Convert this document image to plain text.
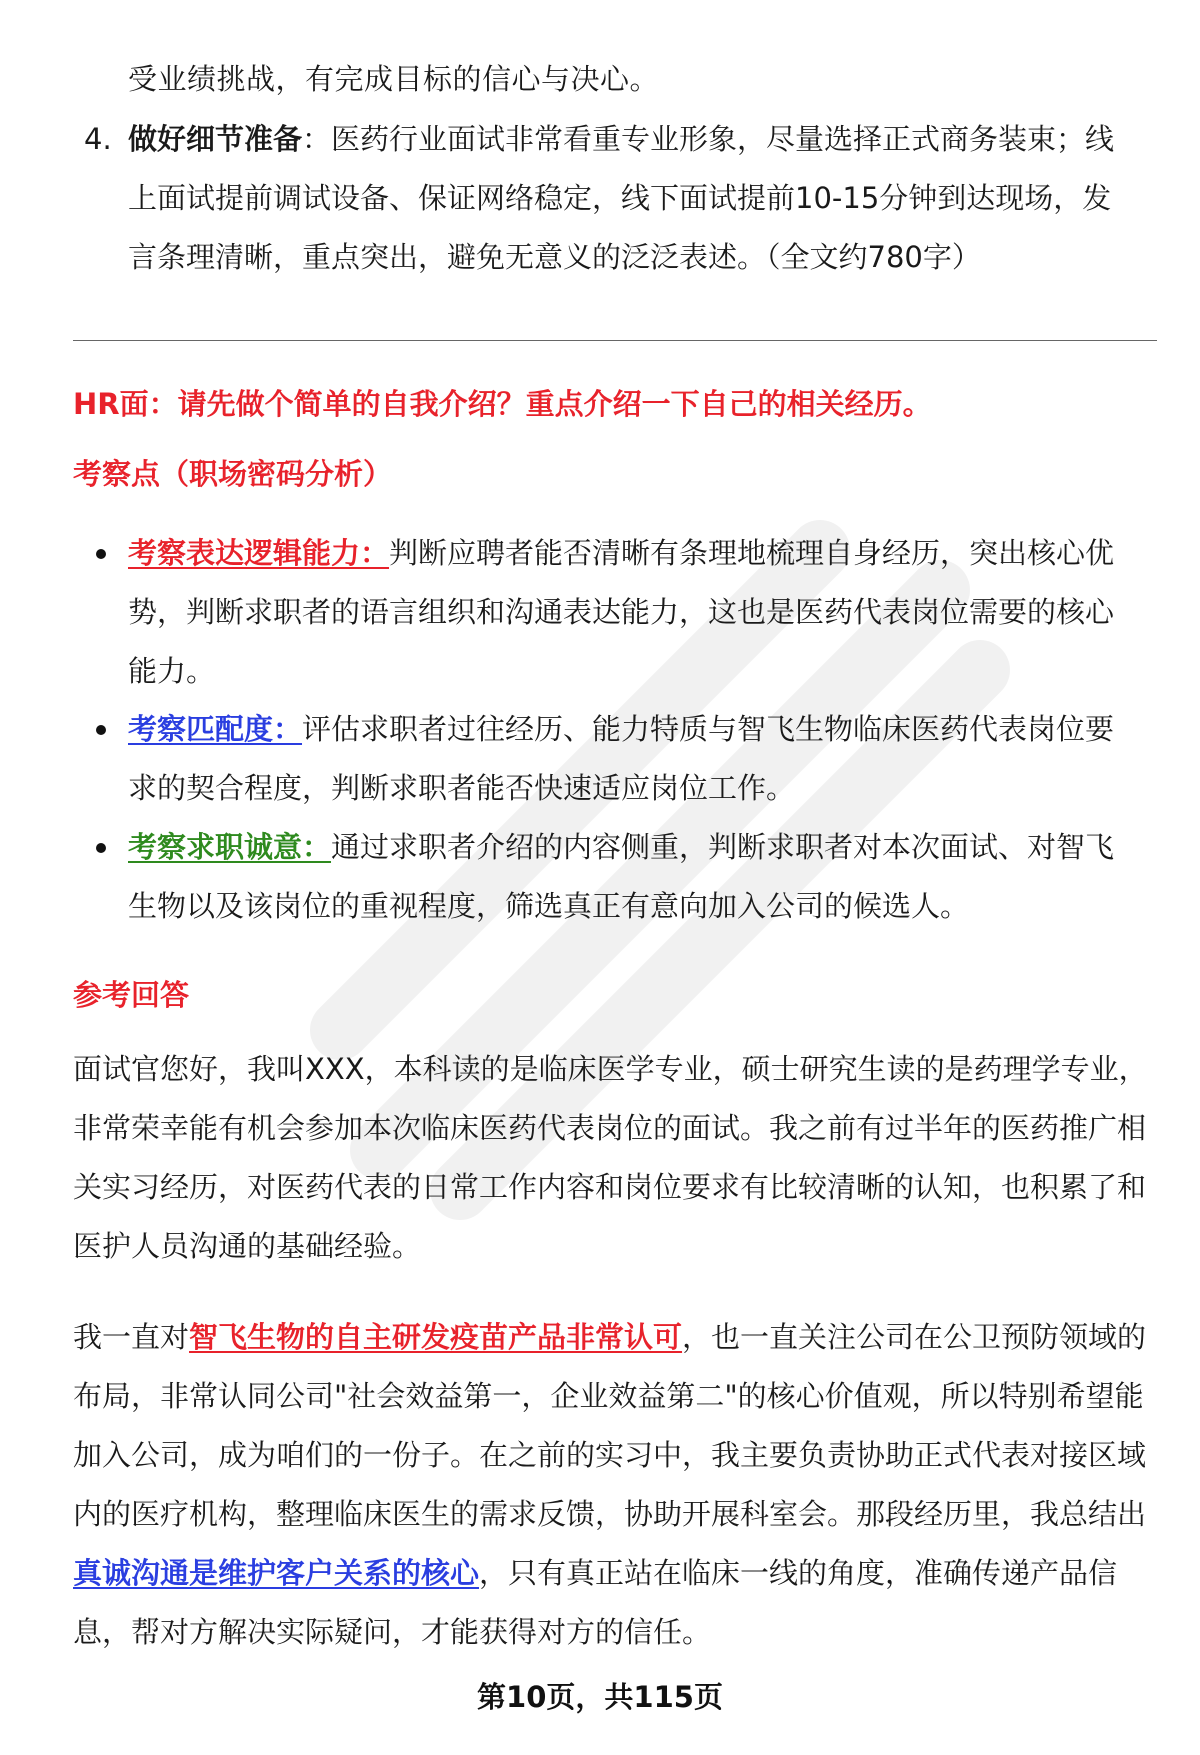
受业绩挑战，有完成目标的信心与决心。
4. 做好细节准备：医药行业面试非常看重专业形象，尽量选择正式商务装束；线上面试提前调试设备、保证网络稳定，线下面试提前10-15分钟到达现场，发言条理清晰，重点突出，避免无意义的泛泛表述。（全文约780字）
HR面：请先做个简单的自我介绍？重点介绍一下自己的相关经历。
考察点（职场密码分析）
考察表达逻辑能力：判断应聘者能否清晰有条理地梳理自身经历，突出核心优势，判断求职者的语言组织和沟通表达能力，这也是医药代表岗位需要的核心能力。
考察匹配度：评估求职者过往经历、能力特质与智飞生物临床医药代表岗位要求的契合程度，判断求职者能否快速适应岗位工作。
考察求职诚意：通过求职者介绍的内容侧重，判断求职者对本次面试、对智飞生物以及该岗位的重视程度，筛选真正有意向加入公司的候选人。
参考回答
面试官您好，我叫XXX，本科读的是临床医学专业，硕士研究生读的是药理学专业，非常荣幸能有机会参加本次临床医药代表岗位的面试。我之前有过半年的医药推广相关实习经历，对医药代表的日常工作内容和岗位要求有比较清晰的认知，也积累了和医护人员沟通的基础经验。
我一直对智飞生物的自主研发疫苗产品非常认可，也一直关注公司在公卫预防领域的布局，非常认同公司"社会效益第一，企业效益第二"的核心价值观，所以特别希望能加入公司，成为咱们的一份子。在之前的实习中，我主要负责协助正式代表对接区域内的医疗机构，整理临床医生的需求反馈，协助开展科室会。那段经历里，我总结出真诚沟通是维护客户关系的核心，只有真正站在临床一线的角度，准确传递产品信息，帮对方解决实际疑问，才能获得对方的信任。
第10页，共115页
